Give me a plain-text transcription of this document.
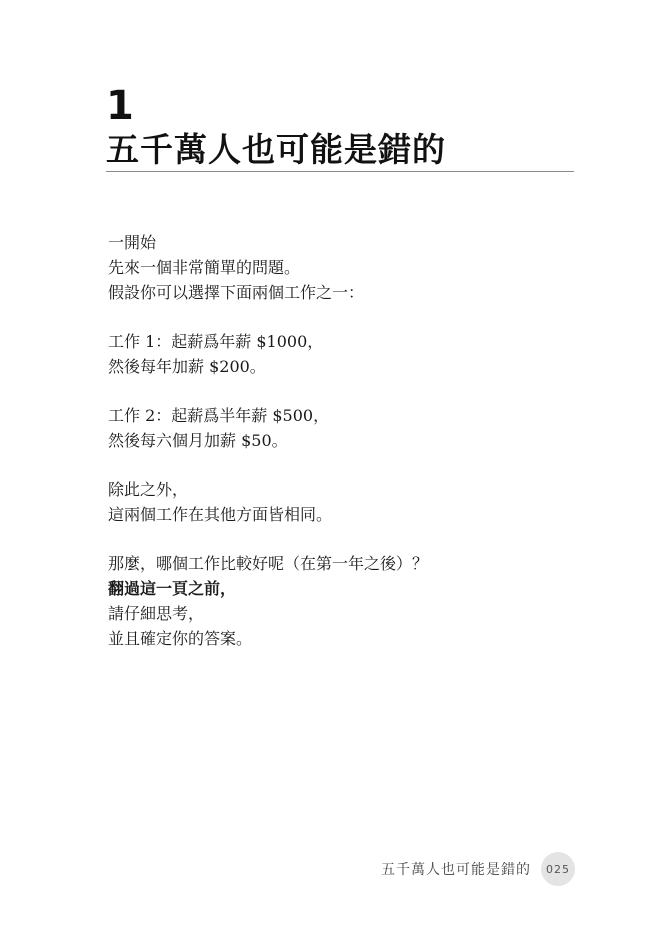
1
五千萬人也可能是錯的
一開始
先來一個非常簡單的問題。
假設你可以選擇下面兩個工作之一：
工作 1：起薪爲年薪 $1000，
然後每年加薪 $200。
工作 2：起薪爲半年薪 $500，
然後每六個月加薪 $50。
除此之外，
這兩個工作在其他方面皆相同。
那麼，哪個工作比較好呢（在第一年之後）？
翻過這一頁之前，
請仔細思考，
並且確定你的答案。
五千萬人也可能是錯的 025
